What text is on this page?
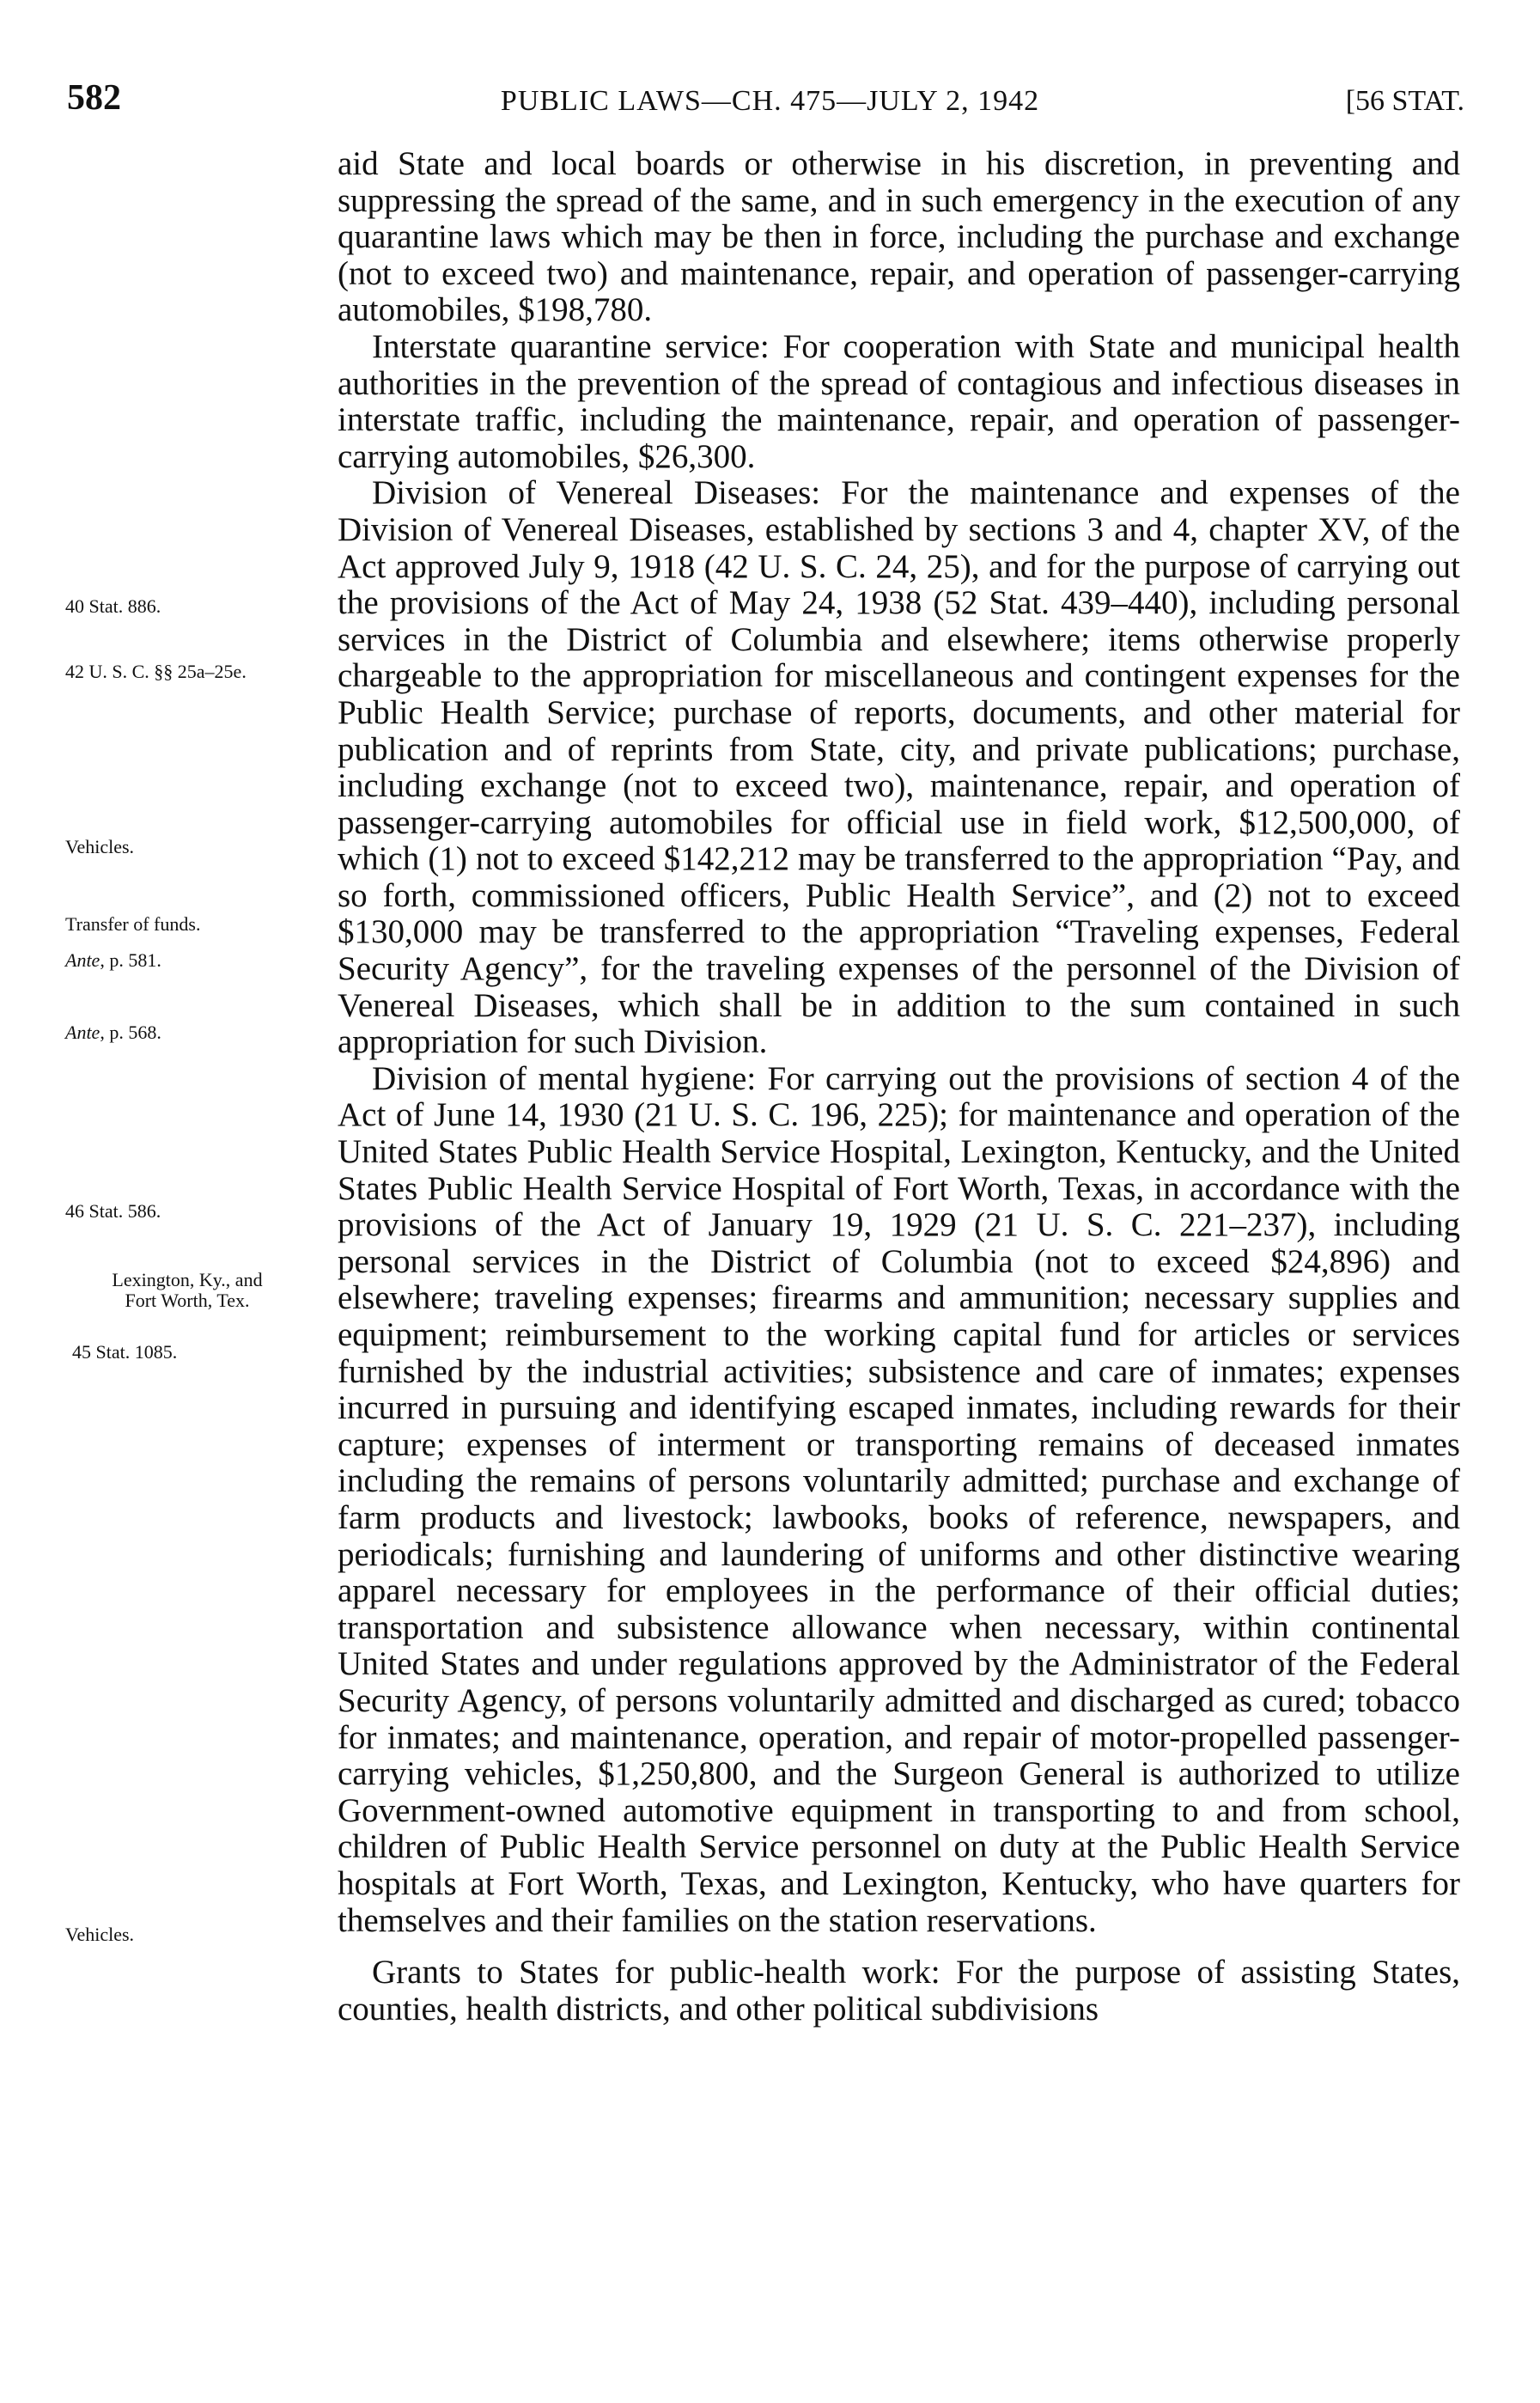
582	PUBLIC LAWS—CH. 475—JULY 2, 1942	[56 STAT.
40 Stat. 886.
42 U. S. C. §§ 25a–25e.
Vehicles.
Transfer of funds.
Ante, p. 581.
Ante, p. 568.
46 Stat. 586.
Lexington, Ky., and
Fort Worth, Tex.
45 Stat. 1085.
Vehicles.

aid State and local boards or otherwise in his discretion, in preventing and suppressing the spread of the same, and in such emergency in the execution of any quarantine laws which may be then in force, including the purchase and exchange (not to exceed two) and maintenance, repair, and operation of passenger-carrying automobiles, $198,780.

Interstate quarantine service: For cooperation with State and municipal health authorities in the prevention of the spread of contagious and infectious diseases in interstate traffic, including the maintenance, repair, and operation of passenger-carrying automobiles, $26,300.

Division of Venereal Diseases: For the maintenance and expenses of the Division of Venereal Diseases, established by sections 3 and 4, chapter XV, of the Act approved July 9, 1918 (42 U. S. C. 24, 25), and for the purpose of carrying out the provisions of the Act of May 24, 1938 (52 Stat. 439–440), including personal services in the District of Columbia and elsewhere; items otherwise properly chargeable to the appropriation for miscellaneous and contingent expenses for the Public Health Service; purchase of reports, documents, and other material for publication and of reprints from State, city, and private publications; purchase, including exchange (not to exceed two), maintenance, repair, and operation of passenger-carrying automobiles for official use in field work, $12,500,000, of which (1) not to exceed $142,212 may be transferred to the appropriation “Pay, and so forth, commissioned officers, Public Health Service”, and (2) not to exceed $130,000 may be transferred to the appropriation “Traveling expenses, Federal Security Agency”, for the traveling expenses of the personnel of the Division of Venereal Diseases, which shall be in addition to the sum contained in such appropriation for such Division.

Division of mental hygiene: For carrying out the provisions of section 4 of the Act of June 14, 1930 (21 U. S. C. 196, 225); for maintenance and operation of the United States Public Health Service Hospital, Lexington, Kentucky, and the United States Public Health Service Hospital of Fort Worth, Texas, in accordance with the provisions of the Act of January 19, 1929 (21 U. S. C. 221–237), including personal services in the District of Columbia (not to exceed $24,896) and elsewhere; traveling expenses; firearms and ammunition; necessary supplies and equipment; reimbursement to the working capital fund for articles or services furnished by the industrial activities; subsistence and care of inmates; expenses incurred in pursuing and identifying escaped inmates, including rewards for their capture; expenses of interment or transporting remains of deceased inmates including the remains of persons voluntarily admitted; purchase and exchange of farm products and livestock; lawbooks, books of reference, newspapers, and periodicals; furnishing and laundering of uniforms and other distinctive wearing apparel necessary for employees in the performance of their official duties; transportation and subsistence allowance when necessary, within continental United States and under regulations approved by the Administrator of the Federal Security Agency, of persons voluntarily admitted and discharged as cured; tobacco for inmates; and maintenance, operation, and repair of motor-propelled passenger-carrying vehicles, $1,250,800, and the Surgeon General is authorized to utilize Government-owned automotive equipment in transporting to and from school, children of Public Health Service personnel on duty at the Public Health Service hospitals at Fort Worth, Texas, and Lexington, Kentucky, who have quarters for themselves and their families on the station reservations.

Grants to States for public-health work: For the purpose of assisting States, counties, health districts, and other political subdivisions
